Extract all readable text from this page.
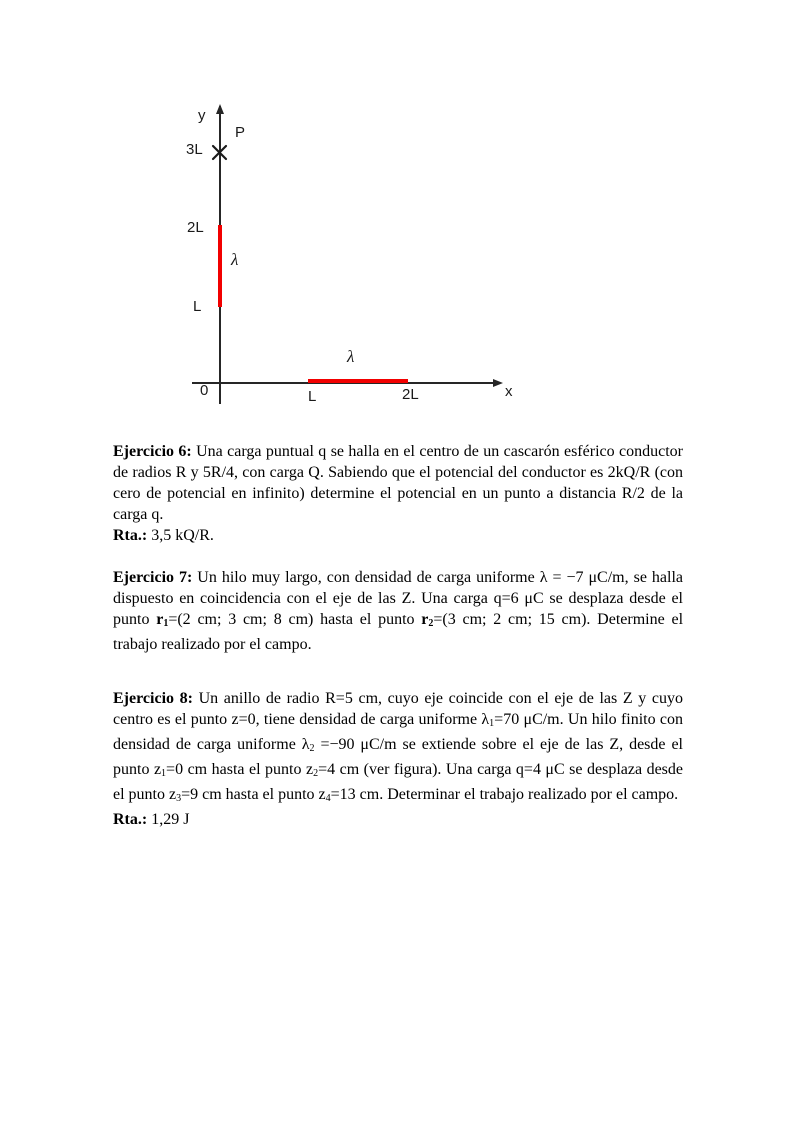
y
P
3L
2L
L
0	L	2L	x
λ
λ
Ejercicio 6: Una carga puntual q se halla en el centro de un cascarón esférico conductor de radios R y 5R/4, con carga Q. Sabiendo que el potencial del conductor es 2kQ/R (con cero de potencial en infinito) determine el potencial en un punto a distancia R/2 de la carga q.
Rta.: 3,5 kQ/R.
Ejercicio 7: Un hilo muy largo, con densidad de carga uniforme λ = −7 μC/m, se halla dispuesto en coincidencia con el eje de las Z. Una carga q=6 μC se desplaza desde el punto $r_1=(2$ cm; 3 cm; 8 cm) hasta el punto $r_2=(3$ cm; 2 cm; 15 cm). Determine el trabajo realizado por el campo.
Ejercicio 8: Un anillo de radio R=5 cm, cuyo eje coincide con el eje de las Z y cuyo centro es el punto z=0, tiene densidad de carga uniforme $\lambda_1=70$ μC/m. Un hilo finito con densidad de carga uniforme $\lambda_2 =-90$ μC/m se extiende sobre el eje de las Z, desde el punto $z_1=0$ cm hasta el punto $z_2=4$ cm (ver figura). Una carga q=4 μC se desplaza desde el punto $z_3=9$ cm hasta el punto $z_4=13$ cm. Determinar el trabajo realizado por el campo.
Rta.: 1,29 J
